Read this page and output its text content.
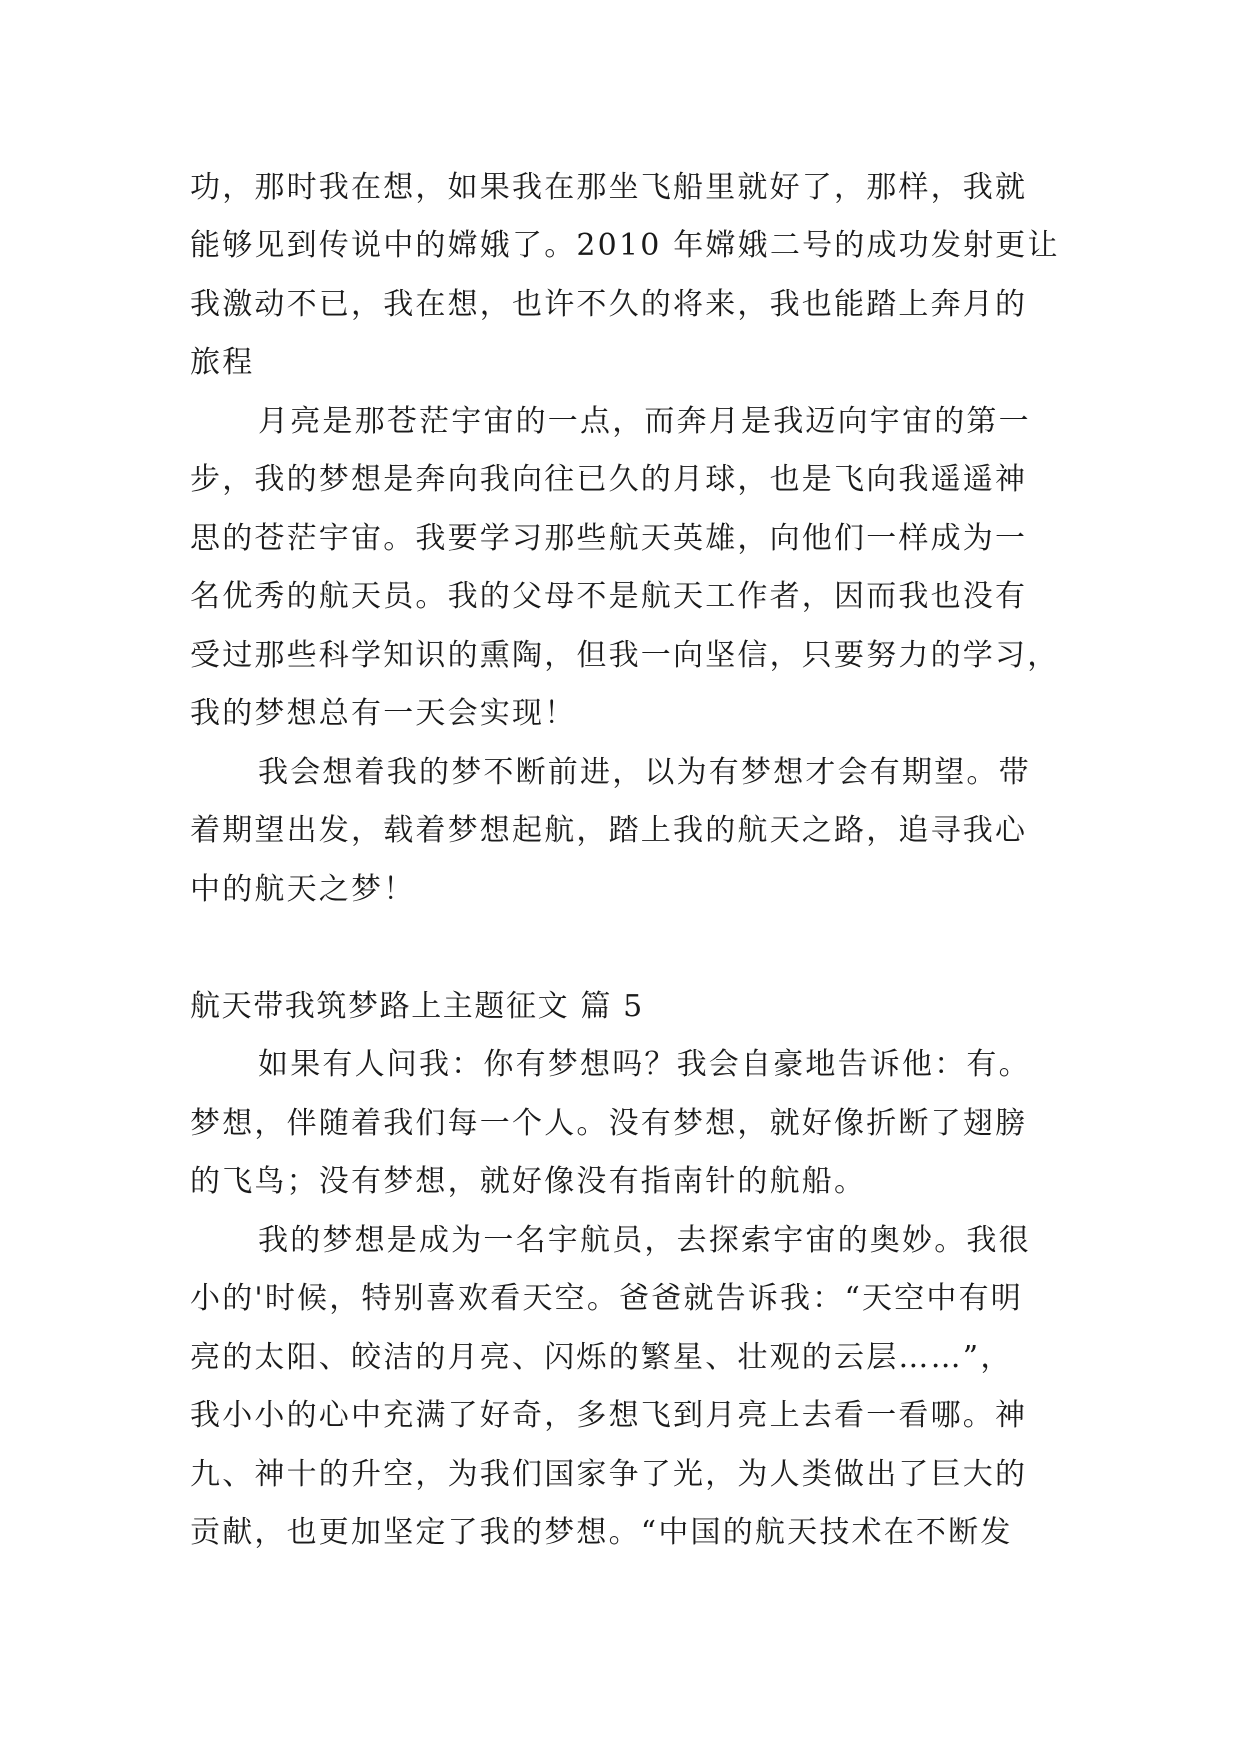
功，那时我在想，如果我在那坐飞船里就好了，那样，我就
能够见到传说中的嫦娥了。2010 年嫦娥二号的成功发射更让
我激动不已，我在想，也许不久的将来，我也能踏上奔月的
旅程
月亮是那苍茫宇宙的一点，而奔月是我迈向宇宙的第一
步，我的梦想是奔向我向往已久的月球，也是飞向我遥遥神
思的苍茫宇宙。我要学习那些航天英雄，向他们一样成为一
名优秀的航天员。我的父母不是航天工作者，因而我也没有
受过那些科学知识的熏陶，但我一向坚信，只要努力的学习，
我的梦想总有一天会实现！
我会想着我的梦不断前进，以为有梦想才会有期望。带
着期望出发，载着梦想起航，踏上我的航天之路，追寻我心
中的航天之梦！
航天带我筑梦路上主题征文 篇 5
如果有人问我：你有梦想吗？我会自豪地告诉他：有。
梦想，伴随着我们每一个人。没有梦想，就好像折断了翅膀
的飞鸟；没有梦想，就好像没有指南针的航船。
我的梦想是成为一名宇航员，去探索宇宙的奥妙。我很
小的'时候，特别喜欢看天空。爸爸就告诉我：“天空中有明
亮的太阳、皎洁的月亮、闪烁的繁星、壮观的云层……”，
我小小的心中充满了好奇，多想飞到月亮上去看一看哪。神
九、神十的升空，为我们国家争了光，为人类做出了巨大的
贡献，也更加坚定了我的梦想。“中国的航天技术在不断发
